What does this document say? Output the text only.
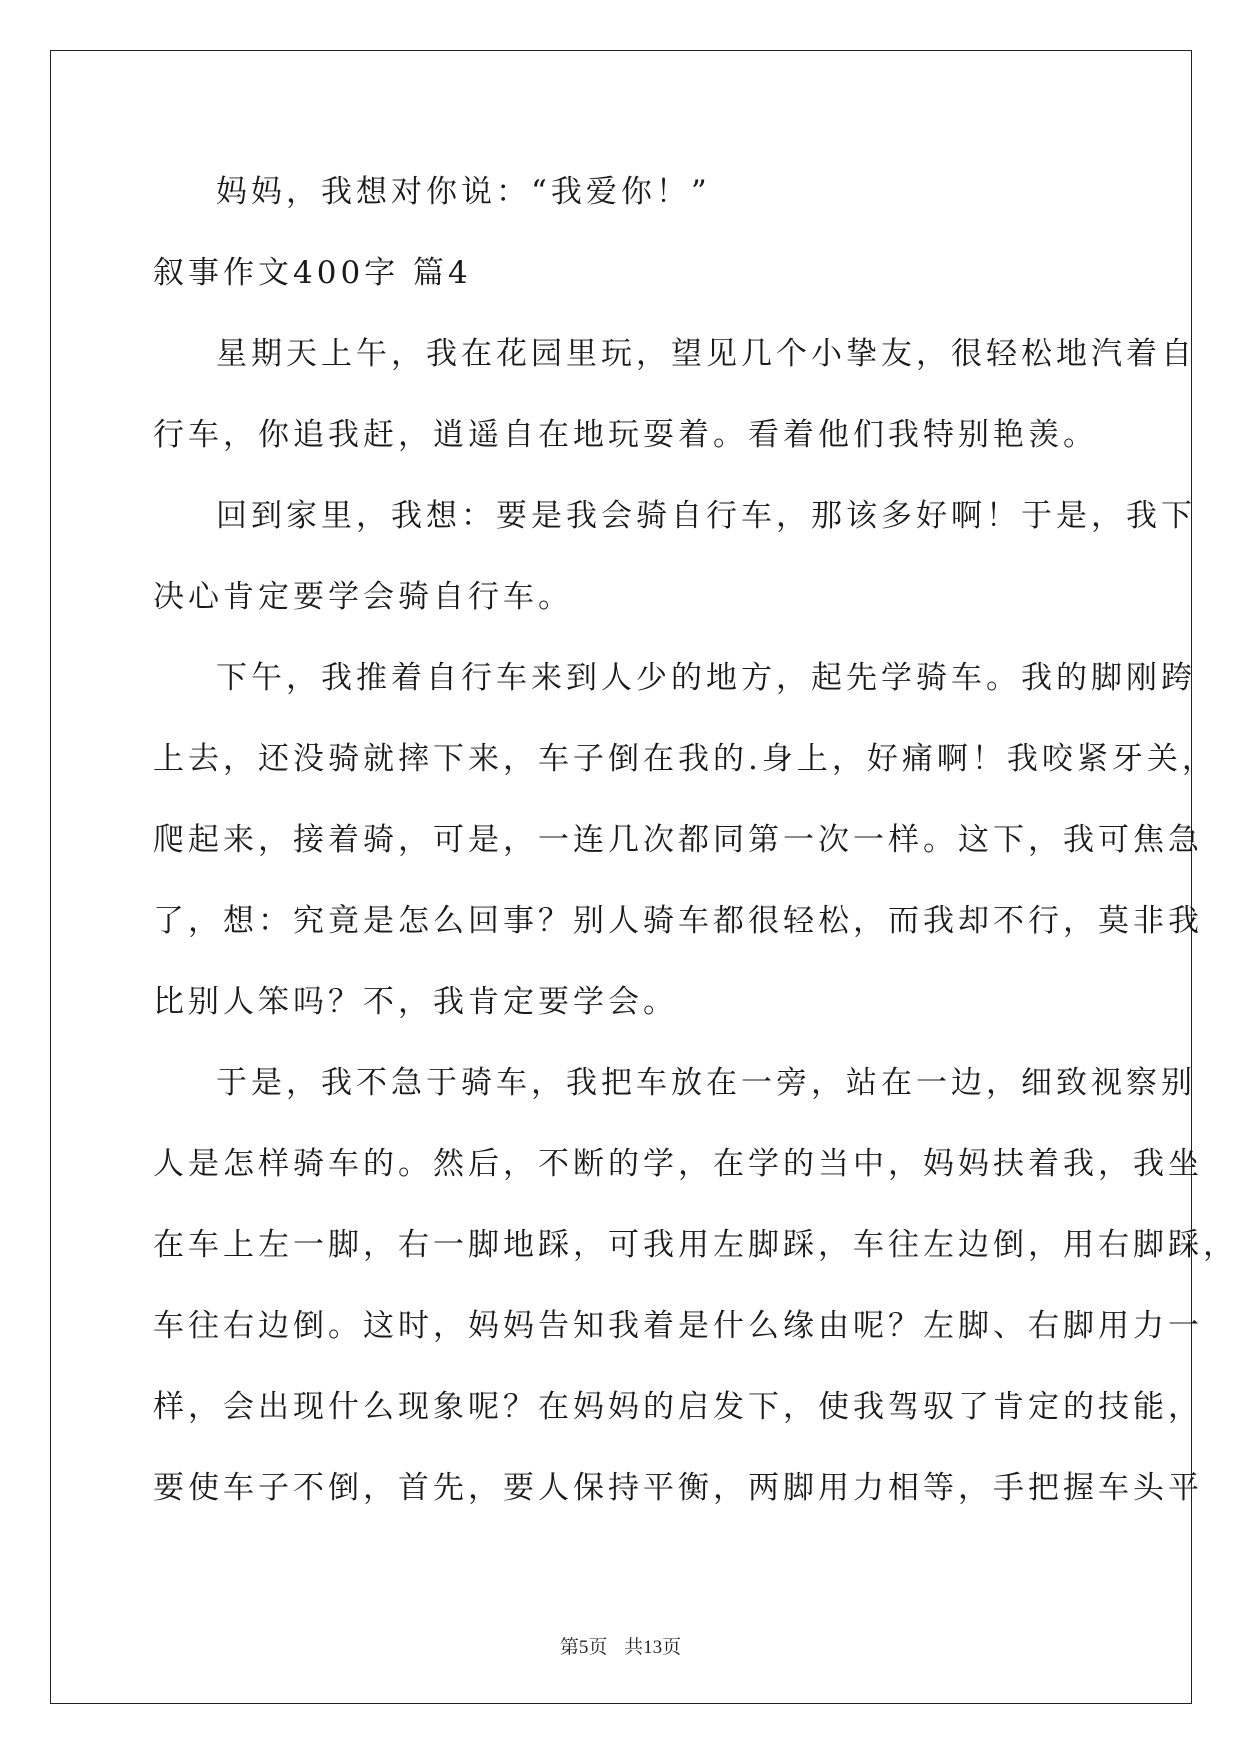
妈妈，我想对你说：“我爱你！”
叙事作文400字 篇4
星期天上午，我在花园里玩，望见几个小挚友，很轻松地汽着自
行车，你追我赶，逍遥自在地玩耍着。看着他们我特别艳羡。
回到家里，我想：要是我会骑自行车，那该多好啊！于是，我下
决心肯定要学会骑自行车。
下午，我推着自行车来到人少的地方，起先学骑车。我的脚刚跨
上去，还没骑就摔下来，车子倒在我的.身上，好痛啊！我咬紧牙关，
爬起来，接着骑，可是，一连几次都同第一次一样。这下，我可焦急
了，想：究竟是怎么回事？别人骑车都很轻松，而我却不行，莫非我
比别人笨吗？不，我肯定要学会。
于是，我不急于骑车，我把车放在一旁，站在一边，细致视察别
人是怎样骑车的。然后，不断的学，在学的当中，妈妈扶着我，我坐
在车上左一脚，右一脚地踩，可我用左脚踩，车往左边倒，用右脚踩，
车往右边倒。这时，妈妈告知我着是什么缘由呢？左脚、右脚用力一
样，会出现什么现象呢？在妈妈的启发下，使我驾驭了肯定的技能，
要使车子不倒，首先，要人保持平衡，两脚用力相等，手把握车头平
第5页 共13页
